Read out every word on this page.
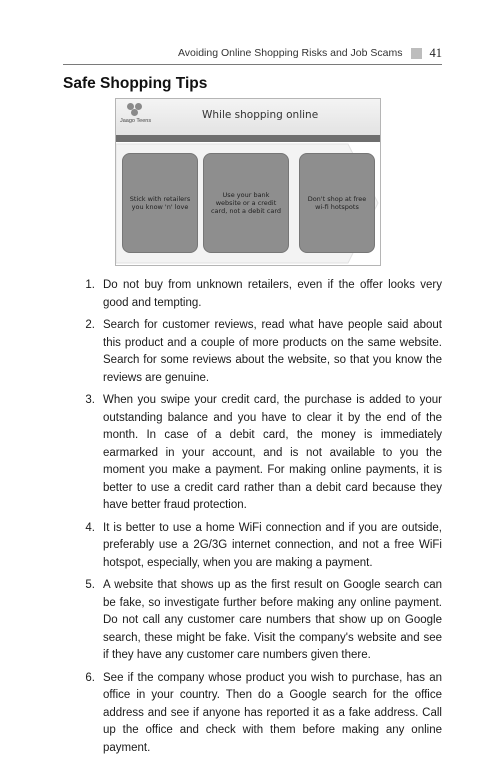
Avoiding Online Shopping Risks and Job Scams 41
Safe Shopping Tips
Jaago Teens	While shopping online
Stick with retailers you know 'n' love
Use your bank website or a credit card, not a debit card
Don't shop at free wi-fi hotspots
1. Do not buy from unknown retailers, even if the offer looks very good and tempting.
2. Search for customer reviews, read what have people said about this product and a couple of more products on the same website. Search for some reviews about the website, so that you know the reviews are genuine.
3. When you swipe your credit card, the purchase is added to your outstanding balance and you have to clear it by the end of the month. In case of a debit card, the money is immediately earmarked in your account, and is not available to you the moment you make a payment. For making online payments, it is better to use a credit card rather than a debit card because they have better fraud protection.
4. It is better to use a home WiFi connection and if you are outside, preferably use a 2G/3G internet connection, and not a free WiFi hotspot, especially, when you are making a payment.
5. A website that shows up as the first result on Google search can be fake, so investigate further before making any online payment. Do not call any customer care numbers that show up on Google search, these might be fake. Visit the company's website and see if they have any customer care numbers given there.
6. See if the company whose product you wish to purchase, has an office in your country. Then do a Google search for the office address and see if anyone has reported it as a fake address. Call up the office and check with them before making any online payment.
